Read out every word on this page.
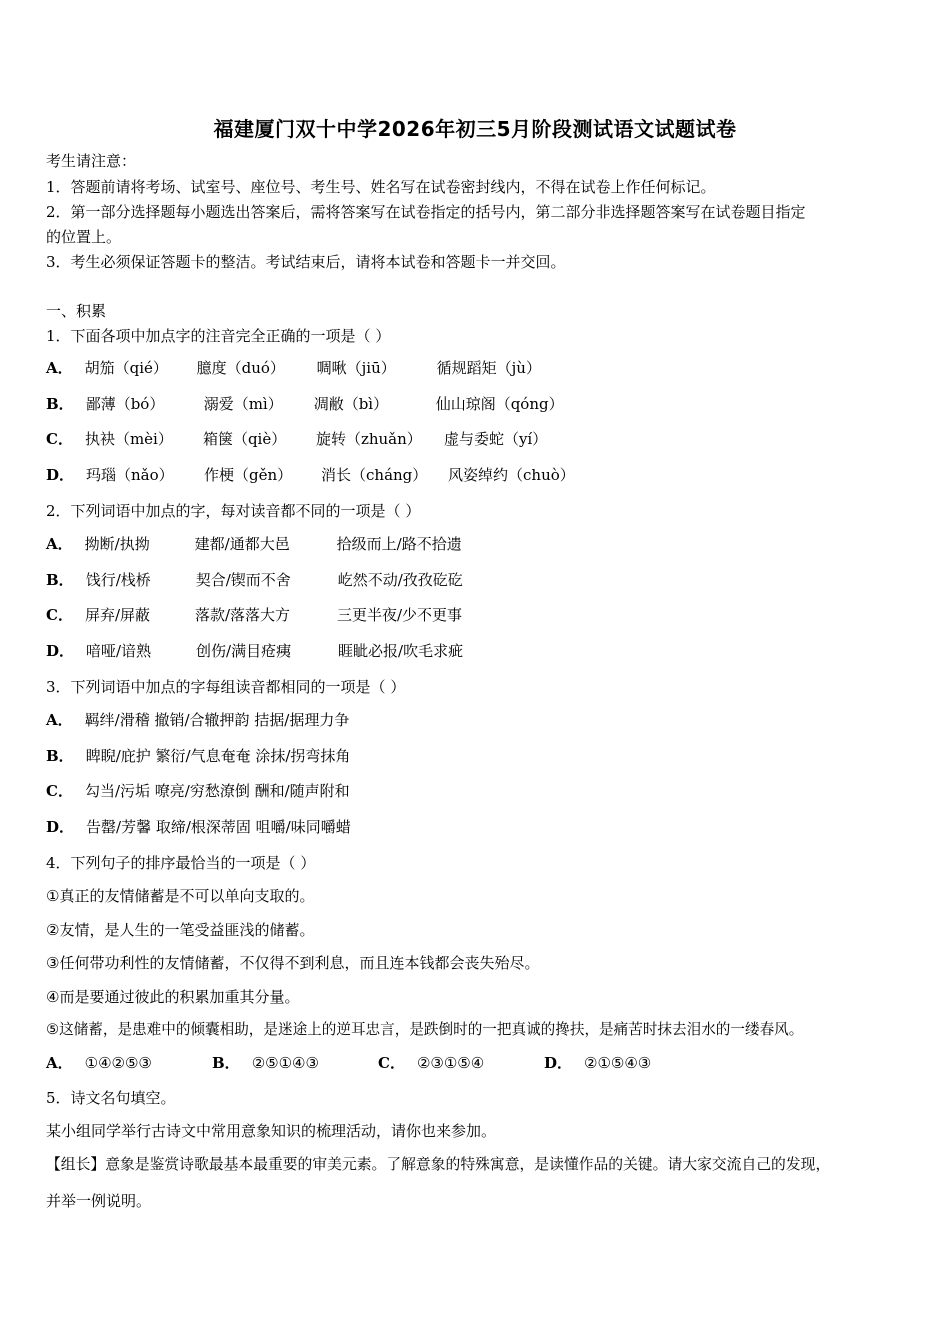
福建厦门双十中学2026年初三5月阶段测试语文试题试卷
考生请注意：
1．答题前请将考场、试室号、座位号、考生号、姓名写在试卷密封线内，不得在试卷上作任何标记。
2．第一部分选择题每小题选出答案后，需将答案写在试卷指定的括号内，第二部分非选择题答案写在试卷题目指定
的位置上。
3．考生必须保证答题卡的整洁。考试结束后，请将本试卷和答题卡一并交回。
一、积累
1．下面各项中加点字的注音完全正确的一项是（ ）
A． 胡笳（qié） 臆度（duó） 啁啾（jiū）	循规蹈矩（jù）
B． 鄙薄（bó）	溺爱（mì） 凋敝（bì）	仙山琼阁（qóng）
C． 执袂（mèi） 箱箧（qiè） 旋转（zhuǎn） 虚与委蛇（yí）
D． 玛瑙（nǎo） 作梗（gěn） 消长（cháng） 风姿绰约（chuò）
2．下列词语中加点的字，每对读音都不同的一项是（ ）
A． 拗断/执拗	建都/通都大邑	拾级而上/路不拾遗
B． 饯行/栈桥	契合/锲而不舍	屹然不动/孜孜矻矻
C． 屏弃/屏蔽	落款/落落大方	三更半夜/少不更事
D． 喑哑/谙熟	创伤/满目疮痍	睚眦必报/吹毛求疵
3．下列词语中加点的字每组读音都相同的一项是（ ）
A． 羁绊/滑稽 撤销/合辙押韵 拮据/据理力争
B． 睥睨/庇护 繁衍/气息奄奄 涂抹/拐弯抹角
C． 勾当/污垢 嘹亮/穷愁潦倒 酬和/随声附和
D． 告罄/芳馨 取缔/根深蒂固 咀嚼/味同嚼蜡
4．下列句子的排序最恰当的一项是（ ）
①真正的友情储蓄是不可以单向支取的。
②友情，是人生的一笔受益匪浅的储蓄。
③任何带功利性的友情储蓄，不仅得不到利息，而且连本钱都会丧失殆尽。
④而是要通过彼此的积累加重其分量。
⑤这储蓄，是患难中的倾囊相助，是迷途上的逆耳忠言，是跌倒时的一把真诚的搀扶，是痛苦时抹去泪水的一缕春风。
A． ①④②⑤③	B． ②⑤①④③	C． ②③①⑤④	D． ②①⑤④③
5．诗文名句填空。
某小组同学举行古诗文中常用意象知识的梳理活动，请你也来参加。
【组长】意象是鉴赏诗歌最基本最重要的审美元素。了解意象的特殊寓意，是读懂作品的关键。请大家交流自己的发现，
并举一例说明。
